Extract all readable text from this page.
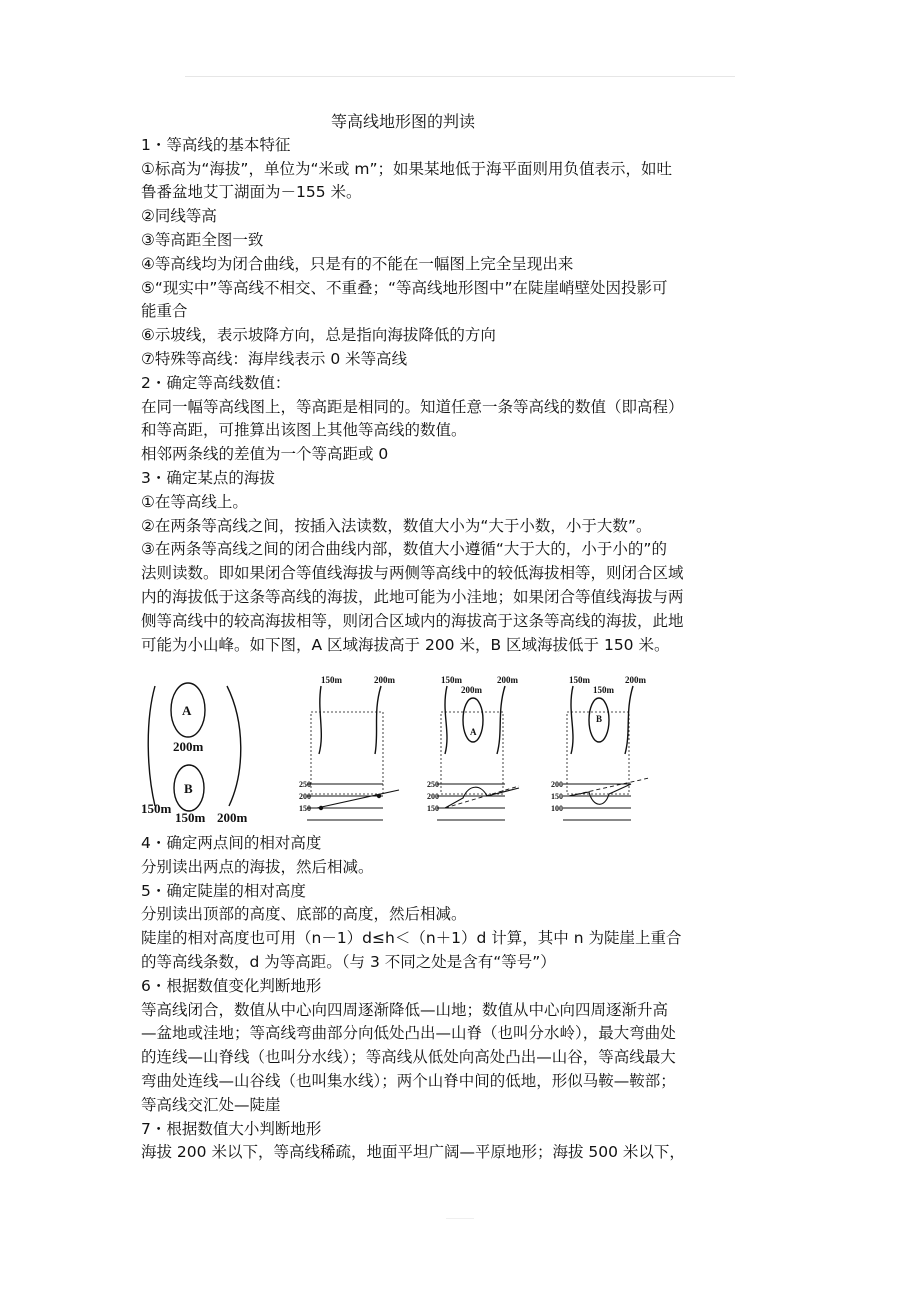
等高线地形图的判读
1・等高线的基本特征
①标高为“海拔”，单位为“米或 m”；如果某地低于海平面则用负值表示，如吐
鲁番盆地艾丁湖面为－155 米。
②同线等高
③等高距全图一致
④等高线均为闭合曲线，只是有的不能在一幅图上完全呈现出来
⑤“现实中”等高线不相交、不重叠；“等高线地形图中”在陡崖峭壁处因投影可
能重合
⑥示坡线，表示坡降方向，总是指向海拔降低的方向
⑦特殊等高线：海岸线表示 0 米等高线
2・确定等高线数值：
在同一幅等高线图上，等高距是相同的。知道任意一条等高线的数值（即高程）
和等高距，可推算出该图上其他等高线的数值。
相邻两条线的差值为一个等高距或 0
3・确定某点的海拔
①在等高线上。
②在两条等高线之间，按插入法读数，数值大小为“大于小数，小于大数”。
③在两条等高线之间的闭合曲线内部，数值大小遵循“大于大的，小于小的”的
法则读数。即如果闭合等值线海拔与两侧等高线中的较低海拔相等，则闭合区域
内的海拔低于这条等高线的海拔，此地可能为小洼地；如果闭合等值线海拔与两
侧等高线中的较高海拔相等，则闭合区域内的海拔高于这条等高线的海拔，此地
可能为小山峰。如下图，A 区域海拔高于 200 米，B 区域海拔低于 150 米。
A
B
200m
150m
150m 200m
150m	200m
250
200
150
150m	200m
200m
A
250
200
150
150m	200m
150m
B
200
150
100
4・确定两点间的相对高度
分别读出两点的海拔，然后相减。
5・确定陡崖的相对高度
分别读出顶部的高度、底部的高度，然后相减。
陡崖的相对高度也可用（n－1）d≤h＜（n＋1）d 计算，其中 n 为陡崖上重合
的等高线条数，d 为等高距。（与 3 不同之处是含有“等号”）
6・根据数值变化判断地形
等高线闭合，数值从中心向四周逐渐降低—山地；数值从中心向四周逐渐升高
—盆地或洼地；等高线弯曲部分向低处凸出—山脊（也叫分水岭），最大弯曲处
的连线—山脊线（也叫分水线）；等高线从低处向高处凸出—山谷，等高线最大
弯曲处连线—山谷线（也叫集水线）；两个山脊中间的低地，形似马鞍—鞍部；
等高线交汇处—陡崖
7・根据数值大小判断地形
海拔 200 米以下，等高线稀疏，地面平坦广阔—平原地形；海拔 500 米以下，
